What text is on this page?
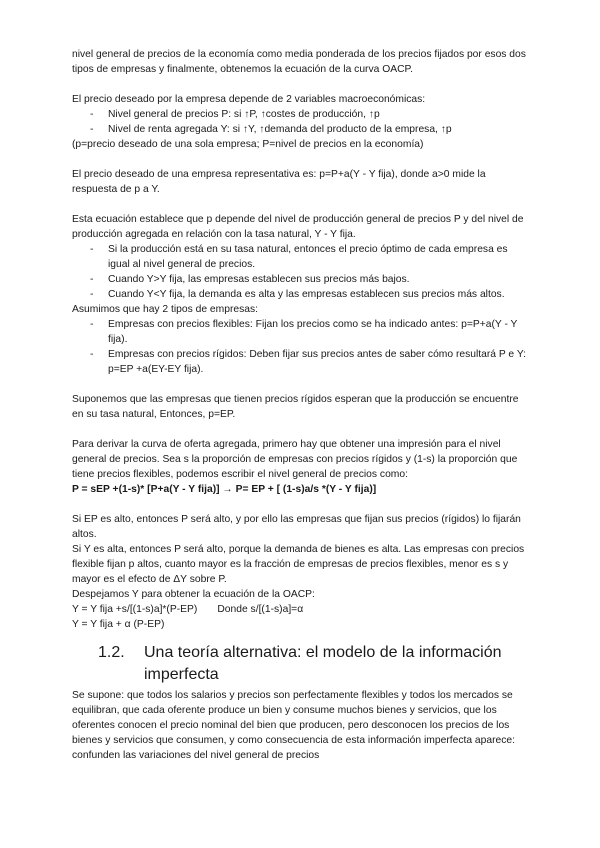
nivel general de precios de la economía como media ponderada de los precios fijados por esos dos tipos de empresas y finalmente, obtenemos la ecuación de la curva OACP.

El precio deseado por la empresa depende de 2 variables macroeconómicas:

- Nivel general de precios P: si ↑P, ↑costes de producción, ↑p
- Nivel de renta agregada Y: si ↑Y, ↑demanda del producto de la empresa, ↑p

(p=precio deseado de una sola empresa; P=nivel de precios en la economía)

El precio deseado de una empresa representativa es: p=P+a(Y - Y fija), donde a>0 mide la respuesta de p a Y.

Esta ecuación establece que p depende del nivel de producción general de precios P y del nivel de producción agregada en relación con la tasa natural, Y - Y fija.

- Si la producción está en su tasa natural, entonces el precio óptimo de cada empresa es igual al nivel general de precios.
- Cuando Y>Y fija, las empresas establecen sus precios más bajos.
- Cuando Y<Y fija, la demanda es alta y las empresas establecen sus precios más altos.

Asumimos que hay 2 tipos de empresas:

- Empresas con precios flexibles: Fijan los precios como se ha indicado antes: p=P+a(Y - Y fija).
- Empresas con precios rígidos: Deben fijar sus precios antes de saber cómo resultará P e Y: p=EP +a(EY-EY fija).

Suponemos que las empresas que tienen precios rígidos esperan que la producción se encuentre en su tasa natural, Entonces, p=EP.

Para derivar la curva de oferta agregada, primero hay que obtener una impresión para el nivel general de precios. Sea s la proporción de empresas con precios rígidos y (1-s) la proporción que tiene precios flexibles, podemos escribir el nivel general de precios como:

P = sEP +(1-s)* [P+a(Y - Y fija)] → P= EP + [ (1-s)a/s *(Y - Y fija)]

Si EP es alto, entonces P será alto, y por ello las empresas que fijan sus precios (rígidos) lo fijarán altos.

Si Y es alta, entonces P será alto, porque la demanda de bienes es alta. Las empresas con precios flexible fijan p altos, cuanto mayor es la fracción de empresas de precios flexibles, menor es s y mayor es el efecto de ΔY sobre P.

Despejamos Y para obtener la ecuación de la OACP:

Y = Y fija +s/[(1-s)a]*(P-EP)       Donde s/[(1-s)a]=α

Y = Y fija + α (P-EP)

1.2.	Una teoría alternativa: el modelo de la información imperfecta

Se supone: que todos los salarios y precios son perfectamente flexibles y todos los mercados se equilibran, que cada oferente produce un bien y consume muchos bienes y servicios, que los oferentes conocen el precio nominal del bien que producen, pero desconocen los precios de los bienes y servicios que consumen, y como consecuencia de esta información imperfecta aparece: confunden las variaciones del nivel general de precios
